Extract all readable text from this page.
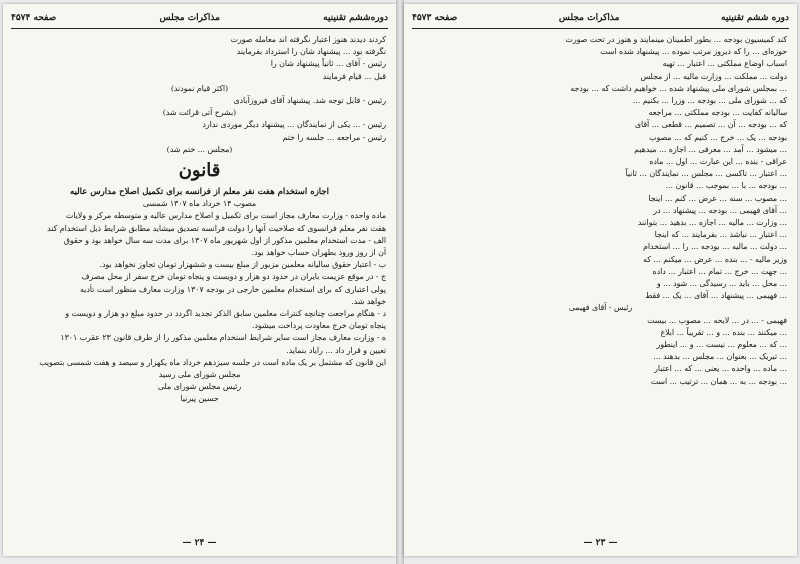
دوره‌ششم تقنینیه
مذاکرات مجلس
صفحه ۴۵۷۴
کردند دیدند هنوز اعتبار نگرفته اند معامله صورت
نگرفته بود ... پیشنهاد شان را استرداد بفرمایند
رئیس - آقای ... ثانیاً پیشنهاد شان را
قبل ... قیام فرمایند
(اکثر قیام نمودند)
رئیس - قابل توجه شد. پیشنهاد آقای فیروزآبادی
(بشرح آتی قرائت شد)
رئیس - ... یکی از نمایندگان ... پیشنهاد دیگر موردی ندارد
رئیس - مراجعه ... جلسه را ختم
(مجلس ... ختم شد)
قانون
اجازه استخدام هفت نفر معلم از فرانسه برای تکمیل اصلاح مدارس عالیه
مصوب ۱۴ خرداد ماه ۱۳۰۷ شمسی
ماده واحده - وزارت معارف مجاز است برای تکمیل و اصلاح مدارس عالیه و متوسطه مرکز و ولایات
هفت نفر معلم فرانسوی که صلاحیت آنها را دولت فرانسه تصدیق میشاید مطابق شرایط ذیل استخدام کند
الف - مدت استخدام معلمین مذکور از اول شهریور ماه ۱۳۰۷ برای مدت سه سال خواهد بود و حقوق
آن از روز ورود بطهران حساب خواهد بود.
ب - اعتبار حقوق سالیانه معلمین مزبور از مبلغ بیست و ششهزار تومان تجاوز نخواهد بود.
ج - در موقع عزیمت بایران در حدود دو هزار و دویست و پنجاه تومان خرج سفر از محل مصرف
پولی اعتباری که برای استخدام معلمین خارجی در بودجه ۱۳۰۷ وزارت معارف منظور است تأدیه
خواهد شد.
د - هنگام مراجعت چنانچه کنترات معلمین سابق الذکر تجدید اگردد در حدود مبلغ دو هزار و دویست و
پنجاه تومان خرج معاودت پرداخت میشود.
ه - وزارت معارف مجاز است سایر شرایط استخدام معلمین مذکور را از طرف قانون ۲۳ عقرب ۱۳۰۱
تعیین و قرار داد ... رایاد بنماید.
این قانون که مشتمل بر یک ماده است در جلسه سیزدهم خرداد ماه یکهزار و سیصد و هفت شمسی بتصویب
مجلس شورای ملی رسید
رئیس مجلس شورای ملی
حسین پیرنیا
— ۲۴ —
دوره ششم تقنینیه
مذاکرات مجلس
صفحه ۴۵۷۳
کند کمیسیون بودجه ... بطور اطمینان مینمایند و هنوز در تحت صورت
حوزه‌ای ... را که دیروز مرتب نموده ... پیشنهاد شده است
اسباب اوضاع مملکتی ... اعتبار ... تهیه
دولت ... مملکت ... وزارت مالیه ... از مجلس
... بمجلس شورای ملی پیشنهاد شده ... خواهیم داشت که ... بودجه
که ... شورای ملی ... بودجه ... وزرا ... بکنیم ...
سالیانه کفایت ... بودجه مملکتی ... مراجعه
که ... بودجه ... آن ... تصمیم ... قطعی ... آقای
بودجه ... یک ... خرج ... کنیم که ... مصوب
... میشود ... آمد ... معرفی ... اجازه ... میدهیم
عراقی - بنده ... این عبارت ... اول ... ماده
... اعتبار ... تاکسی ... مجلس ... نمایندگان ... ثانیاً
... بودجه ... با ... بموجب ... قانون ...
... مصوب ... سنه ... عرض ... کنم ... اینجا
... آقای فهیمی ... بودجه ... پیشنهاد ... در
... وزارت ... مالیه ... اجازه ... بدهید ... بتوانند
... اعتبار ... نباشد ... بفرمایند ... که اینجا
... دولت ... مالیه ... بودجه ... را ... استخدام
وزیر مالیه - ... بنده ... عرض ... میکنم ... که
... جهت ... خرج ... تمام ... اعتبار ... داده
... محل ... باید ... رسیدگی ... شود ... و
... فهیمی ... پیشنهاد ... آقای ... یک ... فقط
رئیس - آقای فهیمی
فهیمی - ... در ... لایحه ... مصوب ... بیست
... میکنند ... بنده ... و ... تقریباً ... ابلاغ
... که ... معلوم ... نیست ... و ... اینطور
... تبریک ... بعنوان ... مجلس ... بدهند ...
... ماده ... واحده ... یعنی ... که ... اعتبار
... بودجه ... به ... همان ... ترتیب ... است
— ۲۳ —
